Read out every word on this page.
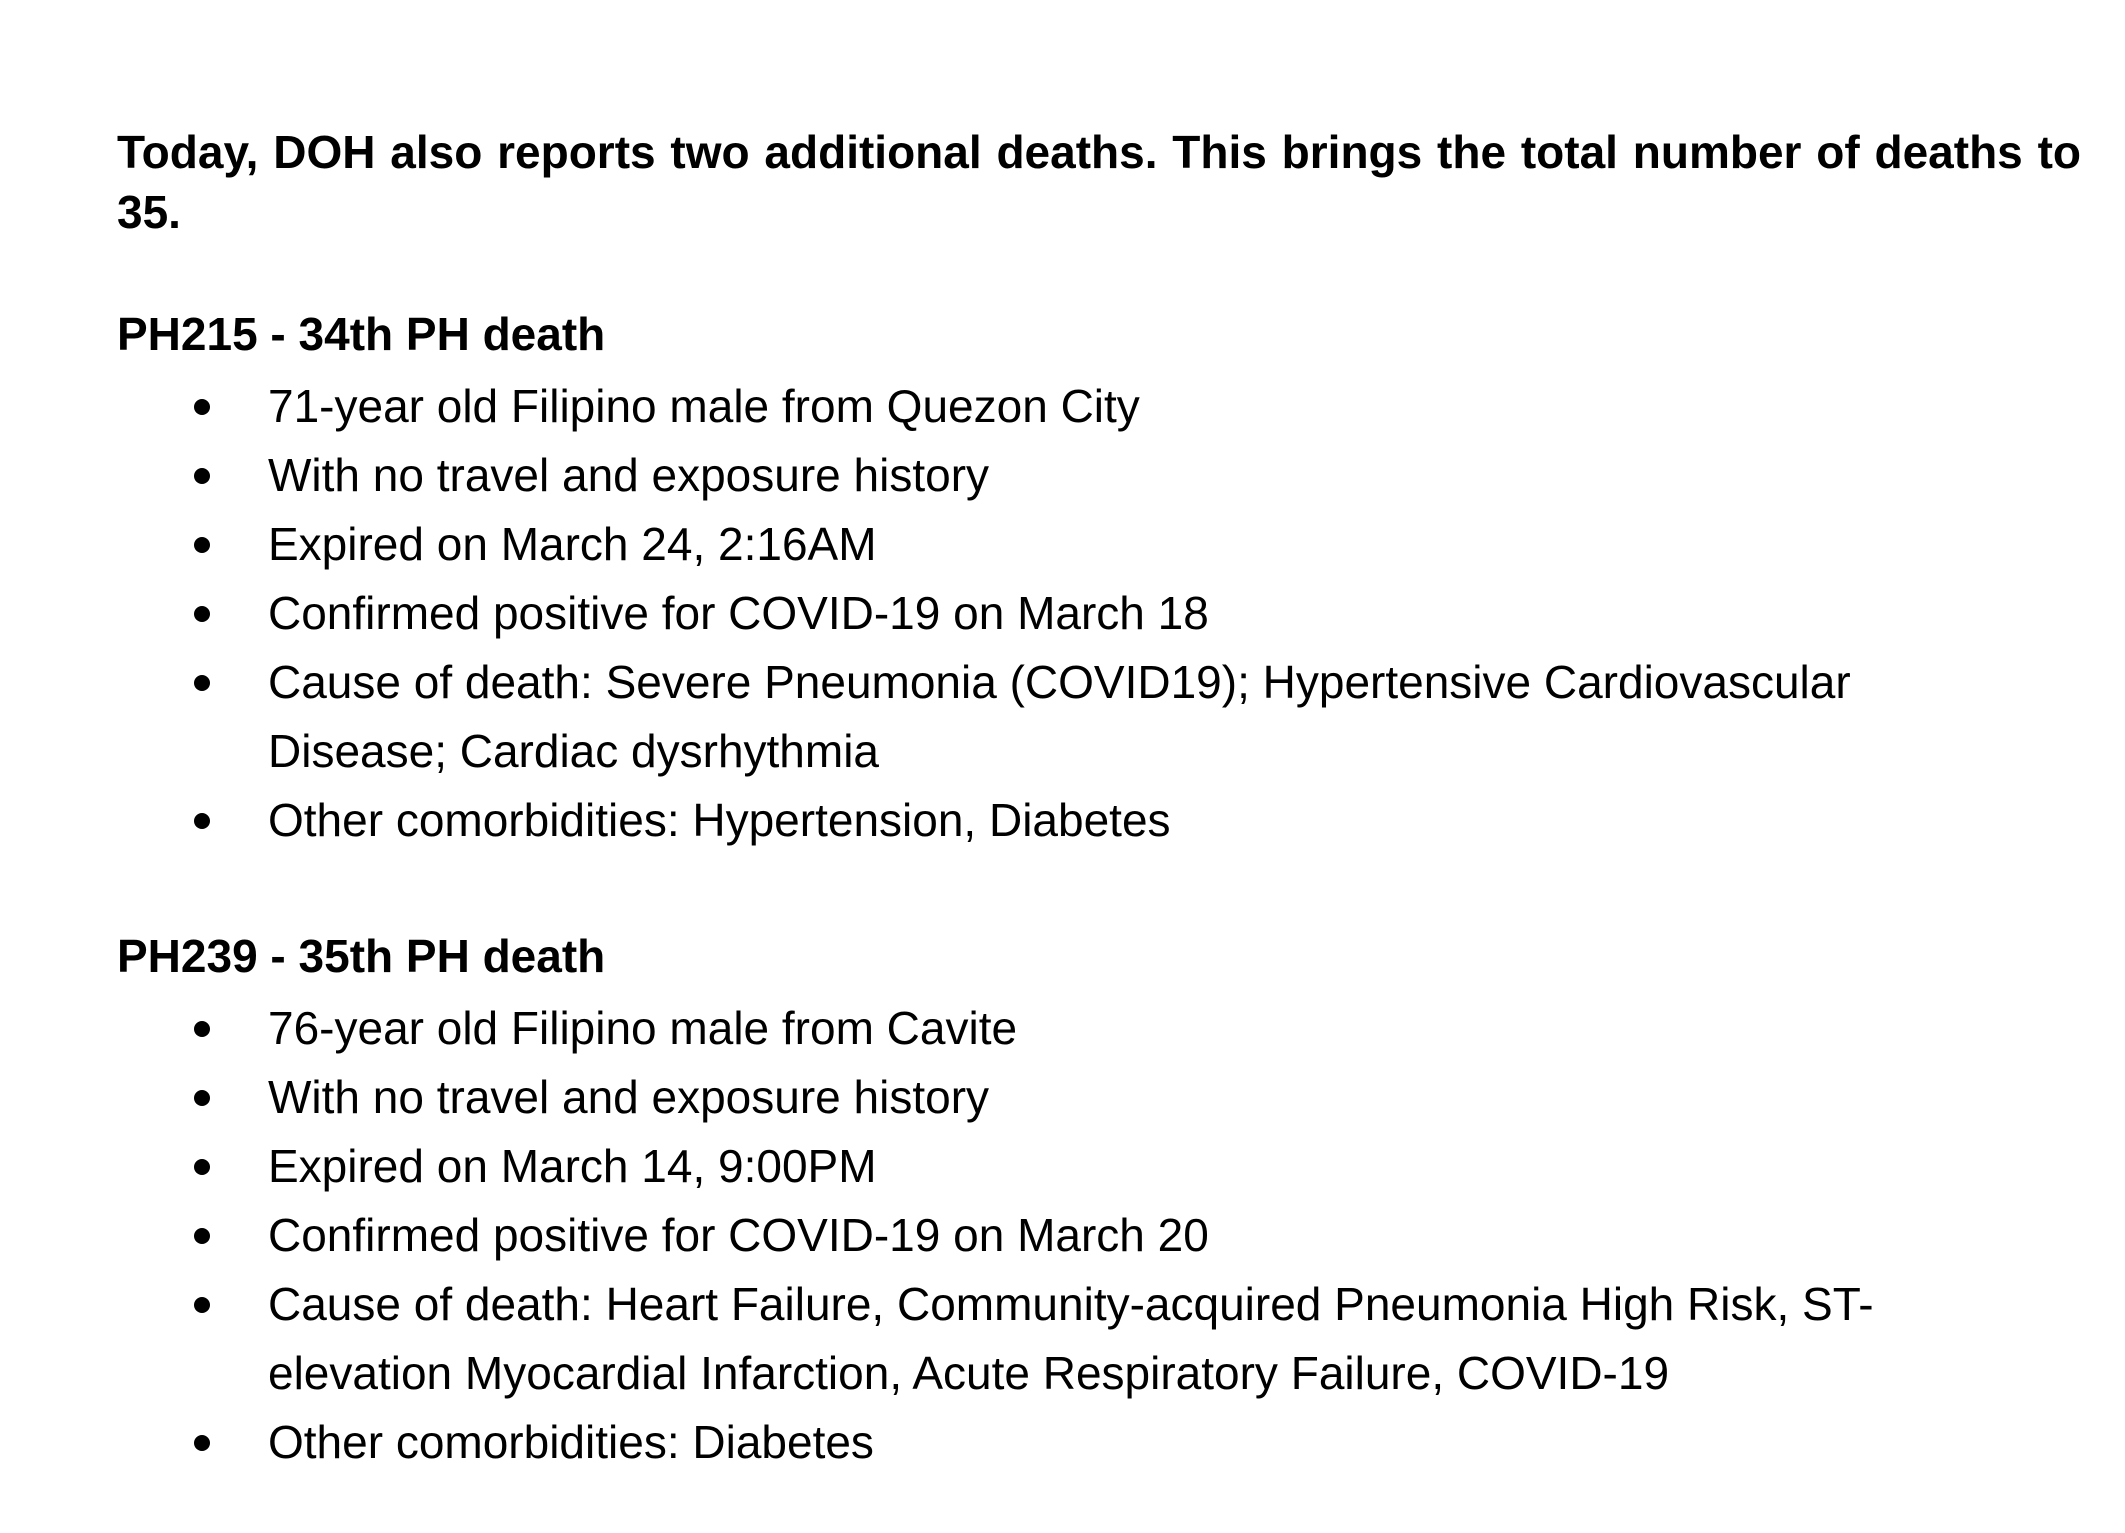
Today, DOH also reports two additional deaths. This brings the total number of deaths to 35.

PH215 - 34th PH death
71-year old Filipino male from Quezon City
With no travel and exposure history
Expired on March 24, 2:16AM
Confirmed positive for COVID-19 on March 18
Cause of death: Severe Pneumonia (COVID19); Hypertensive Cardiovascular Disease; Cardiac dysrhythmia
Other comorbidities: Hypertension, Diabetes
PH239 - 35th PH death
76-year old Filipino male from Cavite
With no travel and exposure history
Expired on March 14, 9:00PM
Confirmed positive for COVID-19 on March 20
Cause of death: Heart Failure, Community-acquired Pneumonia High Risk, ST-elevation Myocardial Infarction, Acute Respiratory Failure, COVID-19
Other comorbidities: Diabetes
